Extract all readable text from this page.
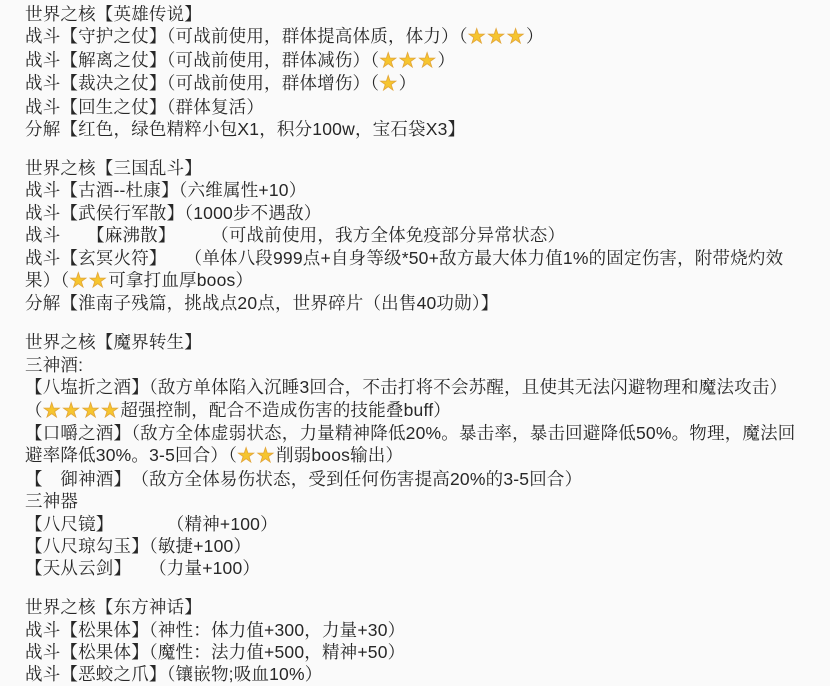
世界之核【英雄传说】
战斗【守护之仗】（可战前使用，群体提高体质，体力）（★★★）
战斗【解离之仗】（可战前使用，群体减伤）（★★★）
战斗【裁决之仗】（可战前使用，群体增伤）（★）
战斗【回生之仗】（群体复活）
分解【红色，绿色精粹小包X1，积分100w，宝石袋X3】
世界之核【三国乱斗】
战斗【古酒--杜康】（六维属性+10）
战斗【武侯行军散】（1000步不遇敌）
战斗　　【麻沸散】　　　（可战前使用，我方全体免疫部分异常状态）
战斗【玄冥火符】　　（单体八段999点+自身等级*50+敌方最大体力值1%的固定伤害，附带烧灼效
果）（★★可拿打血厚boos）
分解【淮南子残篇，挑战点20点，世界碎片（出售40功勋）】
世界之核【魔界转生】
三神酒:
【八塩折之酒】（敌方单体陷入沉睡3回合，不击打将不会苏醒，且使其无法闪避物理和魔法攻击）
（★★★★超强控制，配合不造成伤害的技能叠buff）
【口嚼之酒】（敌方全体虚弱状态，力量精神降低20%。暴击率，暴击回避降低50%。物理，魔法回
避率降低30%。3-5回合）（★★削弱boos输出）
【　御神酒】　（敌方全体易伤状态，受到任何伤害提高20%的3-5回合）
三神器
【八尺镜】　　　　（精神+100）
【八尺琼勾玉】（敏捷+100）
【天从云剑】　　（力量+100）
世界之核【东方神话】
战斗【松果体】（神性：体力值+300，力量+30）
战斗【松果体】（魔性：法力值+500，精神+50）
战斗【恶蛟之爪】（镶嵌物;吸血10%）
